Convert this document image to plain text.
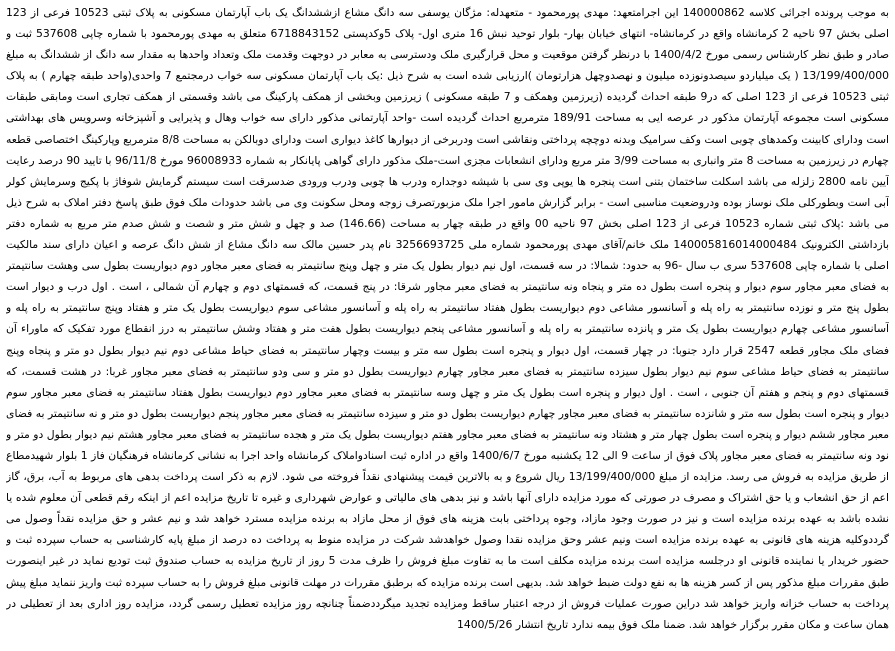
به موجب پرونده اجرائی کلاسه 140000862 این اجرامتعهد: مهدی پورمحمود - متعهدله: مژگان یوسفی سه دانگ مشاع ازششدانگ یک باب آپارتمان مسکونی به پلاک ثبتی 10523 فرعی از 123 اصلی بخش 97 ناحیه 2 کرمانشاه واقع در کرمانشاه- انتهای خیابان بهار- بلوار توحید نبش 16 متری اول- پلاک 5وکدپستی 6718843152 متعلق به مهدی پورمحمود با شماره چاپی 537608 ثبت و صادر و طبق نظر کارشناس رسمی مورخ 1400/4/2 با درنظر گرفتن موقعیت و محل قرارگیری ملک ودسترسی به معابر در دوجهت وقدمت ملک وتعداد واحدها به مقدار سه دانگ از ششدانگ به مبلغ 13/199/400/000 ( یک میلیاردو سیصدونوزده میلیون و نهصدوچهل هزارتومان )ارزیابی شده است به شرح ذیل :یک باب آپارتمان مسکونی سه خواب درمجتمع 7 واحدی(واحد طبقه چهارم ) به پلاک ثبتی 10523 فرعی از 123 اصلی که در9 طبقه احداث گردیده (زیرزمین وهمکف و 7 طبقه مسکونی ) زیرزمین وبخشی از همکف پارکینگ می باشد وقسمتی از همکف تجاری است ومابقی طبقات مسکونی است مجموعه آپارتمان مذکور در عرصه ایی به مساحت 189/91 مترمربع احداث گردیده است -واحد آپارتمانی مذکور دارای سه خواب وهال و پذیرایی و آشپزخانه وسرویس های بهداشتی است ودارای کابینت وکمدهای چوبی است وکف سرامیک وبدنه دوچچه پرداختی ونقاشی است ودربرخی از دیوارها کاغذ دیواری است ودارای دوبالکن به مساحت 8/8 مترمربع وپارکینگ اختصاصی قطعه چهارم در زیرزمین به مساحت 8 متر وانباری به مساحت 3/99 متر مربع ودارای انشعابات مجزی است-ملک مذکور دارای گواهی پایانکار به شماره 96008933 مورخ 96/11/8 با تایید 90 درصد رعایت آیین نامه 2800 زلزله می باشد اسکلت ساختمان بتنی است پنجره ها یوپی وی سی با شیشه دوجداره ودرب ها چوبی ودرب ورودی ضدسرقت است سیستم گرمایش شوفاژ با پکیج وسرمایش کولر آبی است وبطورکلی ملک نوساز بوده ودروضعیت مناسبی است - برابر گزارش مامور اجرا ملک مزبورتصرف زوجه ومحل سکونت وی می باشد حدودات ملک فوق طبق پاسخ دفتر املاک به شرح ذیل می باشد :پلاک ثبتی شماره 10523 فرعی از 123 اصلی بخش 97 ناحیه 00 واقع در طبقه چهار به مساحت (146.66) صد و چهل و شش متر و شصت و شش صدم متر مربع به شماره دفتر بازداشتی الکترونیک 140005816014000484 ملک خانم/آقای مهدی پورمحمود شماره ملی 3256693725 نام پدر حسین مالک سه دانگ مشاع از شش دانگ عرصه و اعیان دارای سند مالکیت اصلی با شماره چاپی 537608 سری ب سال -96 به حدود: شمالا: در سه قسمت، اول نیم دیوار بطول یک متر و چهل وپنج سانتیمتر به فضای معبر مجاور دوم دیواریست بطول سی وهشت سانتیمتر به فضای معبر مجاور سوم دیوار و پنجره است بطول ده متر و پنجاه ونه سانتیمتر به فضای معبر مجاور شرقا: در پنج قسمت، که قسمتهای دوم و چهارم آن شمالی ، است . اول درب و دیوار است بطول پنج متر و نوزده سانتیمتر به راه پله و آسانسور مشاعی دوم دیواریست بطول هفتاد سانتیمتر به راه پله و آسانسور مشاعی سوم دیواریست بطول یک متر و هفتاد وپنج سانتیمتر به راه پله و آسانسور مشاعی چهارم دیواریست بطول یک متر و پانزده سانتیمتر به راه پله و آسانسور مشاعی پنجم دیواریست بطول هفت متر و هفتاد وشش سانتیمتر به درز انقطاع مورد تفکیک که ماوراء آن فضای ملک مجاور قطعه 2547 قرار دارد جنوبا: در چهار قسمت، اول دیوار و پنجره است بطول سه متر و بیست وچهار سانتیمتر به فضای حیاط مشاعی دوم نیم دیوار بطول دو متر و پنجاه وپنج سانتیمتر به فضای حیاط مشاعی سوم نیم دیوار بطول سیزده سانتیمتر به فضای معبر مجاور چهارم دیواریست بطول دو متر و سی ودو سانتیمتر به فضای معبر مجاور غربا: در هشت قسمت، که قسمتهای دوم و پنجم و هفتم آن جنوبی ، است . اول دیوار و پنجره است بطول یک متر و چهل وسه سانتیمتر به فضای معبر مجاور دوم دیواریست بطول هفتاد سانتیمتر به فضای معبر مجاور سوم دیوار و پنجره است بطول سه متر و شانزده سانتیمتر به فضای معبر مجاور چهارم دیواریست بطول دو متر و سیزده سانتیمتر به فضای معبر مجاور پنجم دیواریست بطول دو متر و نه سانتیمتر به فضای معبر مجاور ششم دیوار و پنجره است بطول چهار متر و هشتاد ونه سانتیمتر به فضای معبر مجاور هفتم دیواریست بطول یک متر و هجده سانتیمتر به فضای معبر مجاور هشتم نیم دیوار بطول دو متر و نود ونه سانتیمتر به فضای معبر مجاور پلاک فوق از ساعت 9 الی 12 یکشنبه مورخ 1400/6/7 واقع در اداره ثبت اسنادواملاک کرمانشاه واحد اجرا به نشانی کرمانشاه فرهنگیان فاز 1 بلوار شهیدمطاع از طریق مزایده به فروش می رسد. مزایده از مبلغ 13/199/400/000 ریال شروع و به بالاترین قیمت پیشنهادی نقداً فروخته می شود. لازم به ذکر است پرداخت بدهی های مربوط به آب، برق، گاز اعم از حق انشعاب و یا حق اشتراک و مصرف در صورتی که مورد مزایده دارای آنها باشد و نیز بدهی های مالیاتی و عوارض شهرداری و غیره تا تاریخ مزایده اعم از اینکه رقم قطعی آن معلوم شده یا نشده باشد به عهده برنده مزایده است و نیز در صورت وجود مازاد، وجوه پرداختی بابت هزینه های فوق از محل مازاد به برنده مزایده مسترد خواهد شد و نیم عشر و حق مزایده نقداً وصول می گرددوکلیه هزینه های قانونی به عهده برنده مزایده است ونیم عشر وحق مزایده نقدا وصول خواهدشد شرکت در مزایده منوط به پرداخت ده درصد از مبلغ پایه کارشناسی به حساب سپرده ثبت و حضور خریدار یا نماینده قانونی او درجلسه مزایده است برنده مزایده مکلف است ما به تفاوت مبلغ فروش را ظرف مدت 5 روز از تاریخ مزایده به حساب صندوق ثبت تودیع نماید در غیر اینصورت طبق مقررات مبلغ مذکور پس از کسر هزینه ها به نفع دولت ضبط خواهد شد. بدیهی است برنده مزایده که برطبق مقررات در مهلت قانونی مبلغ فروش را به حساب سپرده ثبت واریز ننماید مبلغ پیش پرداخت به حساب خزانه واریز خواهد شد دراین صورت عملیات فروش از درجه اعتبار ساقط ومزایده تجدید میگرددضمناً چنانچه روز مزایده تعطیل رسمی گردد، مزایده روز اداری بعد از تعطیلی در همان ساعت و مکان مقرر برگزار خواهد شد. ضمنا ملک فوق بیمه ندارد تاریخ انتشار 1400/5/26
